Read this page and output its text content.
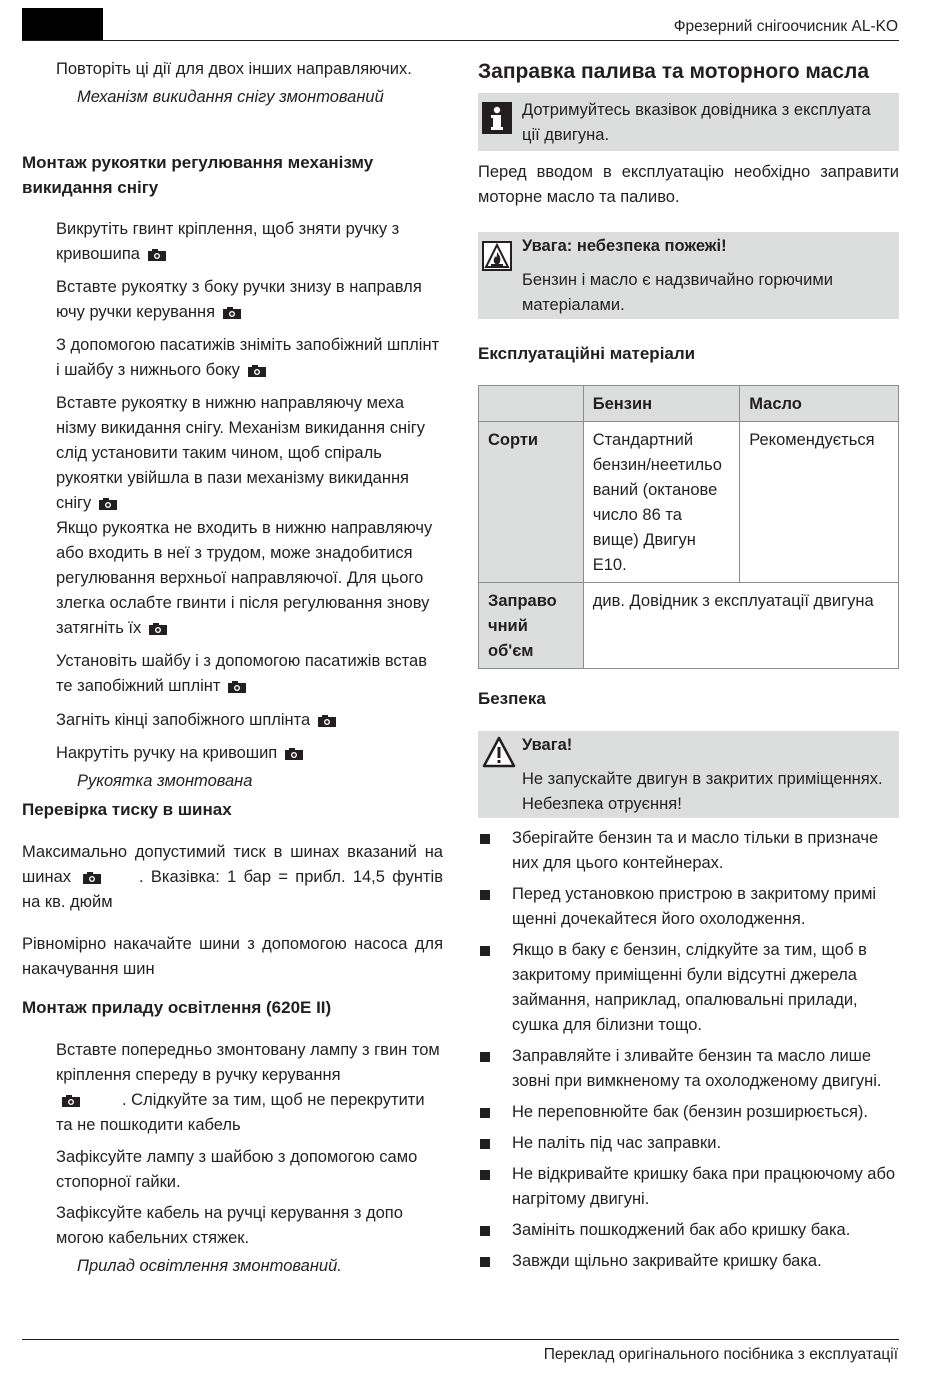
Фрезерний снігоочисник AL-KO

Повторіть ці дії для двох інших направляючих.

Механізм викидання снігу змонтований

Монтаж рукоятки регулювання механізму викидання снігу

Викрутіть гвинт кріплення, щоб зняти ручку з кривошипа

Вставте рукоятку з боку ручки знизу в направля ючу ручки керування

З допомогою пасатижів зніміть запобіжний шплінт і шайбу з нижнього боку

Вставте рукоятку в нижню направляючу меха нізму викидання снігу. Механізм викидання снігу слід установити таким чином, щоб спіраль рукоятки увійшла в пази механізму викидання снігу

Якщо рукоятка не входить в нижню направляючу або входить в неї з трудом, може знадобитися регулювання верхньої направляючої. Для цього злегка ослабте гвинти і після регулювання знову затягніть їх

Установіть шайбу і з допомогою пасатижів встав те запобіжний шплінт

Загніть кінці запобіжного шплінта

Накрутіть ручку на кривошип

Рукоятка змонтована

Перевірка тиску в шинах

Максимально допустимий тиск в шинах вказаний на шинах	. Вказівка: 1 бар = прибл. 14,5 фунтів на кв. дюйм

Рівномірно накачайте шини з допомогою насоса для накачування шин

Монтаж приладу освітлення (620E II)

Вставте попередньо змонтовану лампу з гвин том кріплення спереду в ручку керування
. Слідкуйте за тим, щоб не перекрутити та не пошкодити кабель

Зафіксуйте лампу з шайбою з допомогою само стопорної гайки.

Зафіксуйте кабель на ручці керування з допо могою кабельних стяжек.

Прилад освітлення змонтований.

Заправка палива та моторного масла
Дотримуйтесь вказівок довідника з експлуата ції двигуна.

Перед вводом в експлуатацію необхідно заправити моторне масло та паливо.

Увага: небезпека пожежі!
Бензин і масло є надзвичайно горючими матеріалами.
Експлуатаційні матеріали
	Бензин	Масло
Сорти	Стандартний бензин/неетильо ваний (октанове число 86 та вище) Двигун E10.	Рекомендується
Заправо чний об'єм	див. Довідник з експлуатації двигуна	
Безпека
Увага!
Не запускайте двигун в закритих приміщеннях. Небезпека отруєння!
Зберігайте бензин та и масло тільки в призначе них для цього контейнерах.
Перед установкою пристрою в закритому примі щенні дочекайтеся його охолодження.
Якщо в баку є бензин, слідкуйте за тим, щоб в закритому приміщенні були відсутні джерела займання, наприклад, опалювальні прилади, сушка для білизни тощо.
Заправляйте і зливайте бензин та масло лише зовні при вимкненому та охолодженому двигуні.
Не переповнюйте бак (бензин розширюється).
Не паліть під час заправки.
Не відкривайте кришку бака при працюючому або нагрітому двигуні.
Замініть пошкоджений бак або кришку бака.
Завжди щільно закривайте кришку бака.
Переклад оригінального посібника з експлуатації
